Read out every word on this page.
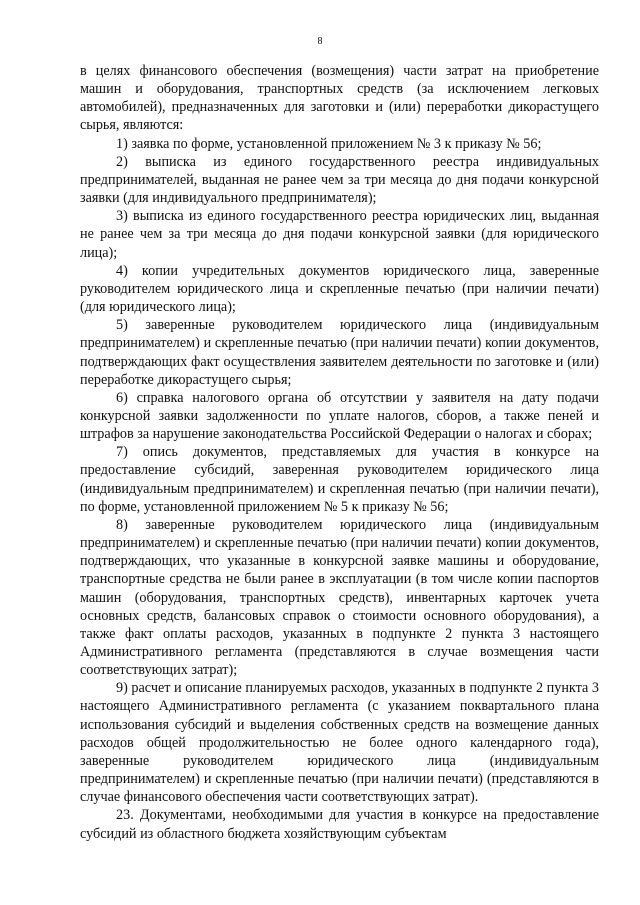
8

в целях финансового обеспечения (возмещения) части затрат на приобретение машин и оборудования, транспортных средств (за исключением легковых автомобилей), предназначенных для заготовки и (или) переработки дикорастущего сырья, являются:

1) заявка по форме, установленной приложением № 3 к приказу № 56;

2) выписка из единого государственного реестра индивидуальных предпринимателей, выданная не ранее чем за три месяца до дня подачи конкурсной заявки (для индивидуального предпринимателя);

3) выписка из единого государственного реестра юридических лиц, выданная не ранее чем за три месяца до дня подачи конкурсной заявки (для юридического лица);

4) копии учредительных документов юридического лица, заверенные руководителем юридического лица и скрепленные печатью (при наличии печати) (для юридического лица);

5) заверенные руководителем юридического лица (индивидуальным предпринимателем) и скрепленные печатью (при наличии печати) копии документов, подтверждающих факт осуществления заявителем деятельности по заготовке и (или) переработке дикорастущего сырья;

6) справка налогового органа об отсутствии у заявителя на дату подачи конкурсной заявки задолженности по уплате налогов, сборов, а также пеней и штрафов за нарушение законодательства Российской Федерации о налогах и сборах;

7) опись документов, представляемых для участия в конкурсе на предоставление субсидий, заверенная руководителем юридического лица (индивидуальным предпринимателем) и скрепленная печатью (при наличии печати), по форме, установленной приложением № 5 к приказу № 56;

8) заверенные руководителем юридического лица (индивидуальным предпринимателем) и скрепленные печатью (при наличии печати) копии документов, подтверждающих, что указанные в конкурсной заявке машины и оборудование, транспортные средства не были ранее в эксплуатации (в том числе копии паспортов машин (оборудования, транспортных средств), инвентарных карточек учета основных средств, балансовых справок о стоимости основного оборудования), а также факт оплаты расходов, указанных в подпункте 2 пункта 3 настоящего Административного регламента (представляются в случае возмещения части соответствующих затрат);

9) расчет и описание планируемых расходов, указанных в подпункте 2 пункта 3 настоящего Административного регламента (с указанием поквартального плана использования субсидий и выделения собственных средств на возмещение данных расходов общей продолжительностью не более одного календарного года), заверенные руководителем юридического лица (индивидуальным предпринимателем) и скрепленные печатью (при наличии печати) (представляются в случае финансового обеспечения части соответствующих затрат).

23. Документами, необходимыми для участия в конкурсе на предоставление субсидий из областного бюджета хозяйствующим субъектам
